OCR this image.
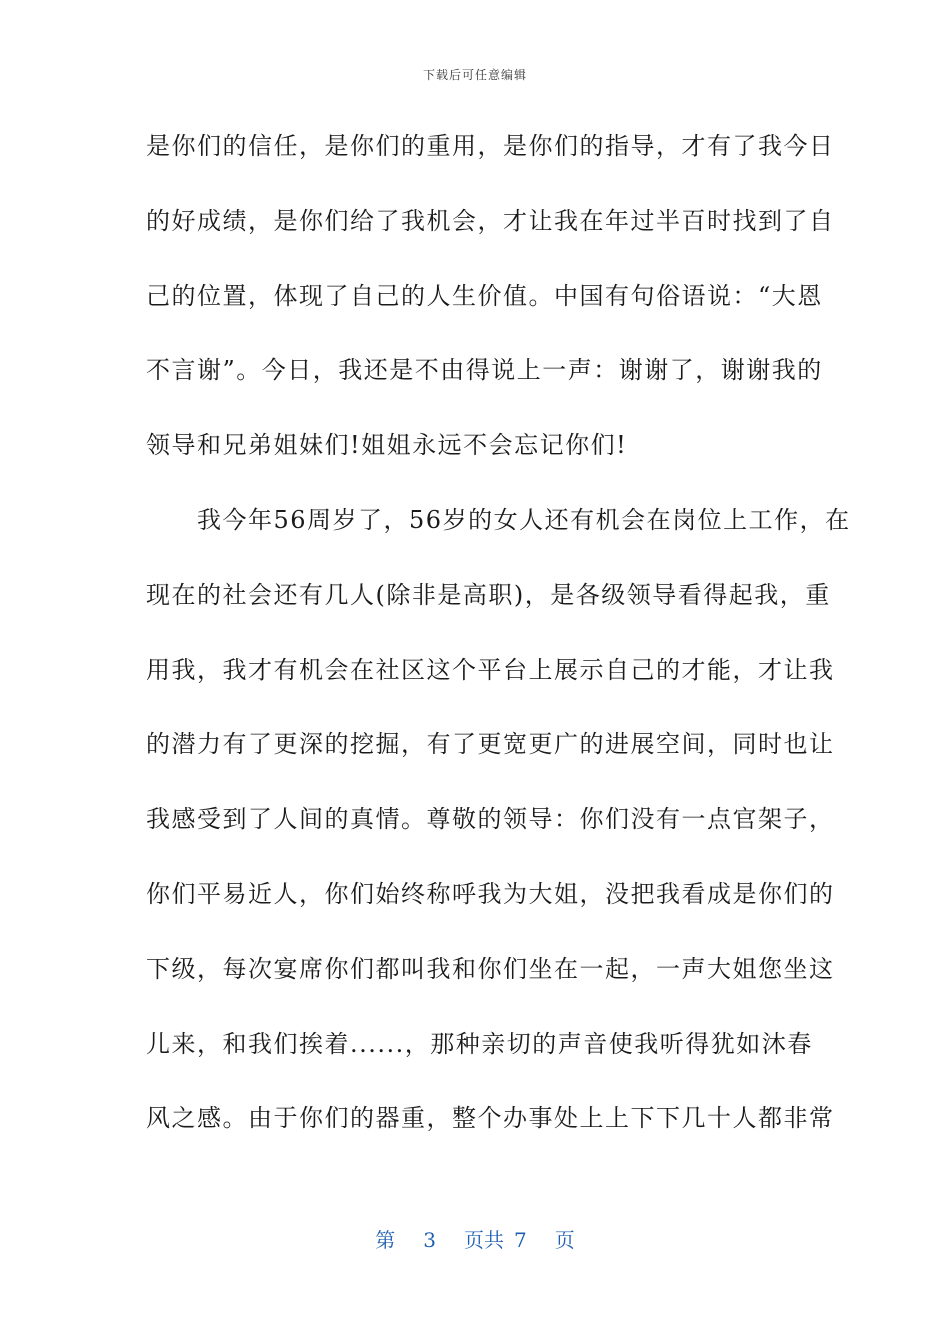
下载后可任意编辑
是你们的信任，是你们的重用，是你们的指导，才有了我今日
的好成绩，是你们给了我机会，才让我在年过半百时找到了自
己的位置，体现了自己的人生价值。中国有句俗语说：“大恩
不言谢”。今日，我还是不由得说上一声：谢谢了，谢谢我的
领导和兄弟姐妹们!姐姐永远不会忘记你们!
　　我今年56周岁了，56岁的女人还有机会在岗位上工作，在
现在的社会还有几人(除非是高职)，是各级领导看得起我，重
用我，我才有机会在社区这个平台上展示自己的才能，才让我
的潜力有了更深的挖掘，有了更宽更广的进展空间，同时也让
我感受到了人间的真情。尊敬的领导：你们没有一点官架子，
你们平易近人，你们始终称呼我为大姐，没把我看成是你们的
下级，每次宴席你们都叫我和你们坐在一起，一声大姐您坐这
儿来，和我们挨着......，那种亲切的声音使我听得犹如沐春
风之感。由于你们的器重，整个办事处上上下下几十人都非常
第 3 页共 7 页
